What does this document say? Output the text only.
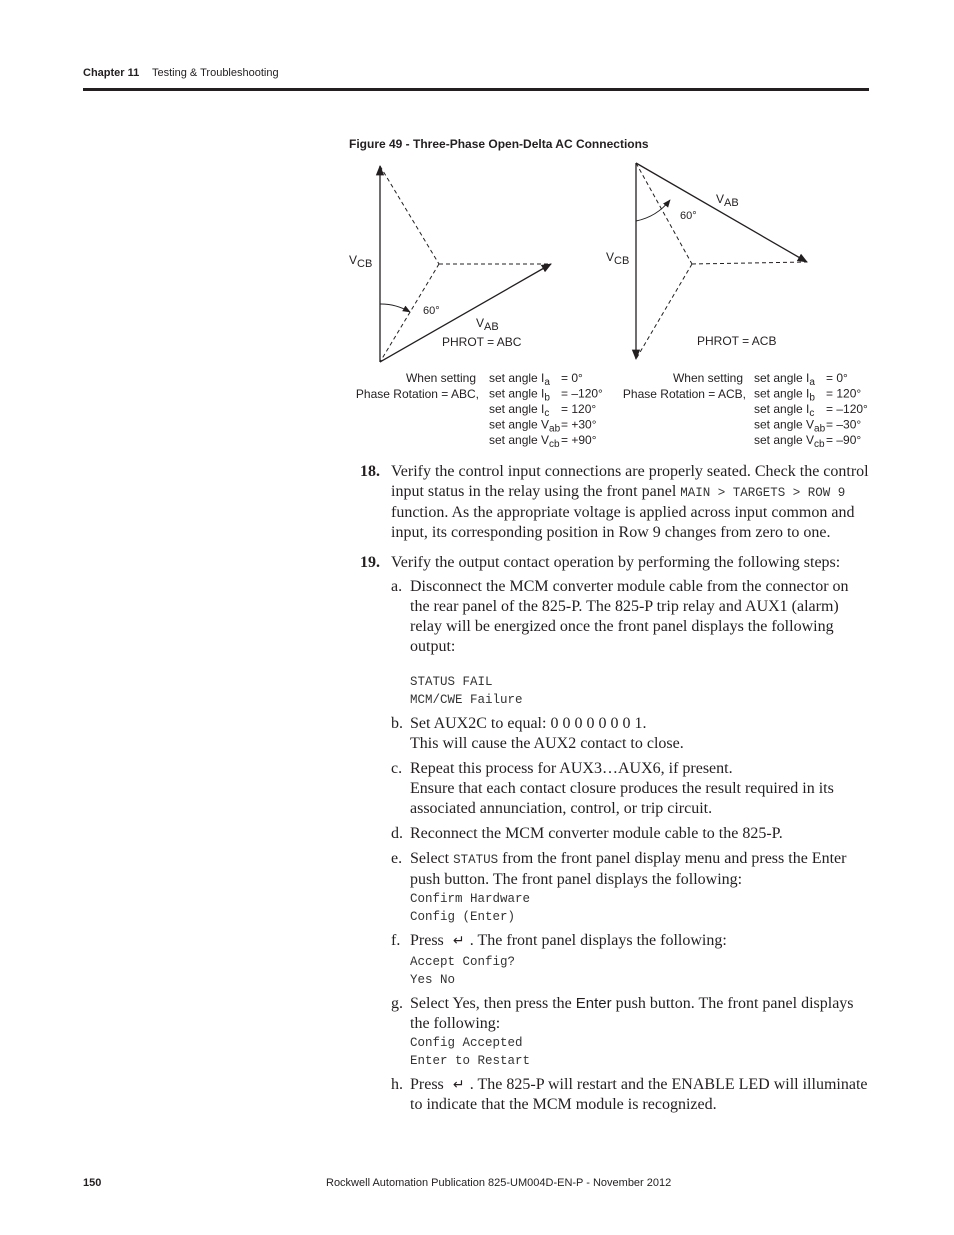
Chapter 11 Testing & Troubleshooting
Figure 49 - Three-Phase Open-Delta AC Connections
VCB
VAB
60°
PHROT = ABC
VCB
VAB
60°
PHROT = ACB
When setting
Phase Rotation = ABC,
set angle $I_a = 0^\circ$
set angle $I_b = -120^\circ$
set angle $I_c = 120^\circ$
set angle $V_{ab} = +30^\circ$
set angle $V_{cb} = +90^\circ$
When setting
Phase Rotation = ACB,
set angle $I_a = 0^\circ$
set angle $I_b = 120^\circ$
set angle $I_c = -120^\circ$
set angle $V_{ab} = -30^\circ$
set angle $V_{cb} = -90^\circ$
18. Verify the control input connections are properly seated. Check the control input status in the relay using the front panel MAIN > TARGETS > ROW 9 function. As the appropriate voltage is applied across input common and input, its corresponding position in Row 9 changes from zero to one.
19. Verify the output contact operation by performing the following steps:
a. Disconnect the MCM converter module cable from the connector on the rear panel of the 825-P. The 825-P trip relay and AUX1 (alarm) relay will be energized once the front panel displays the following output:
STATUS FAIL
MCM/CWE Failure
b. Set AUX2C to equal: 0 0 0 0 0 0 0 1.
This will cause the AUX2 contact to close.
c. Repeat this process for AUX3…AUX6, if present.
Ensure that each contact closure produces the result required in its associated annunciation, control, or trip circuit.
d. Reconnect the MCM converter module cable to the 825-P.
e. Select STATUS from the front panel display menu and press the Enter push button. The front panel displays the following:
Confirm Hardware
Config (Enter)
f. Press ↵ . The front panel displays the following:
Accept Config?
Yes No
g. Select Yes, then press the Enter push button. The front panel displays the following:
Config Accepted
Enter to Restart
h. Press ↵ . The 825-P will restart and the ENABLE LED will illuminate to indicate that the MCM module is recognized.
150	Rockwell Automation Publication 825-UM004D-EN-P - November 2012
